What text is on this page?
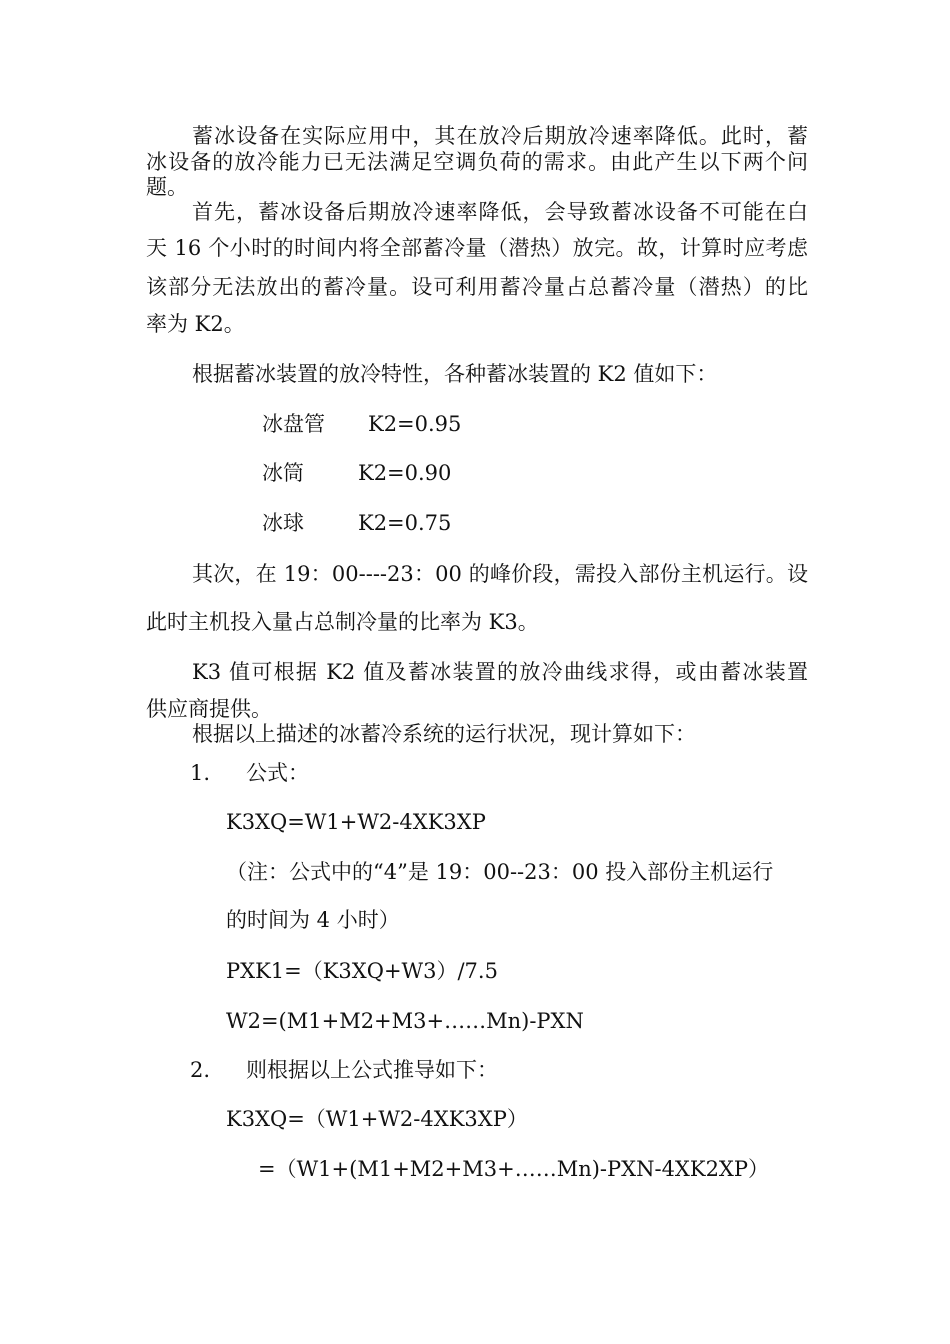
蓄冰设备在实际应用中，其在放冷后期放冷速率降低。此时，蓄

冰设备的放冷能力已无法满足空调负荷的需求。由此产生以下两个问

题。

首先，蓄冰设备后期放冷速率降低，会导致蓄冰设备不可能在白

天 16 个小时的时间内将全部蓄冷量（潜热）放完。故，计算时应考虑

该部分无法放出的蓄冷量。设可利用蓄冷量占总蓄冷量（潜热）的比

率为 K2。

根据蓄冰装置的放冷特性，各种蓄冰装置的 K2 值如下：

冰盘管 K2=0.95
冰筒	K2=0.90
冰球	K2=0.75

其次，在 19：00----23：00 的峰价段，需投入部份主机运行。设

此时主机投入量占总制冷量的比率为 K3。

K3 值可根据 K2 值及蓄冰装置的放冷曲线求得，或由蓄冰装置

供应商提供。

根据以上描述的冰蓄冷系统的运行状况，现计算如下：

1.	公式：

K3XQ=W1+W2-4XK3XP

（注：公式中的“4”是 19：00--23：00 投入部份主机运行

的时间为 4 小时）

PXK1=（K3XQ+W3）/7.5

W2=(M1+M2+M3+……Mn)-PXN

2.	则根据以上公式推导如下：

K3XQ=（W1+W2-4XK3XP）

=（W1+(M1+M2+M3+……Mn)-PXN-4XK2XP）
